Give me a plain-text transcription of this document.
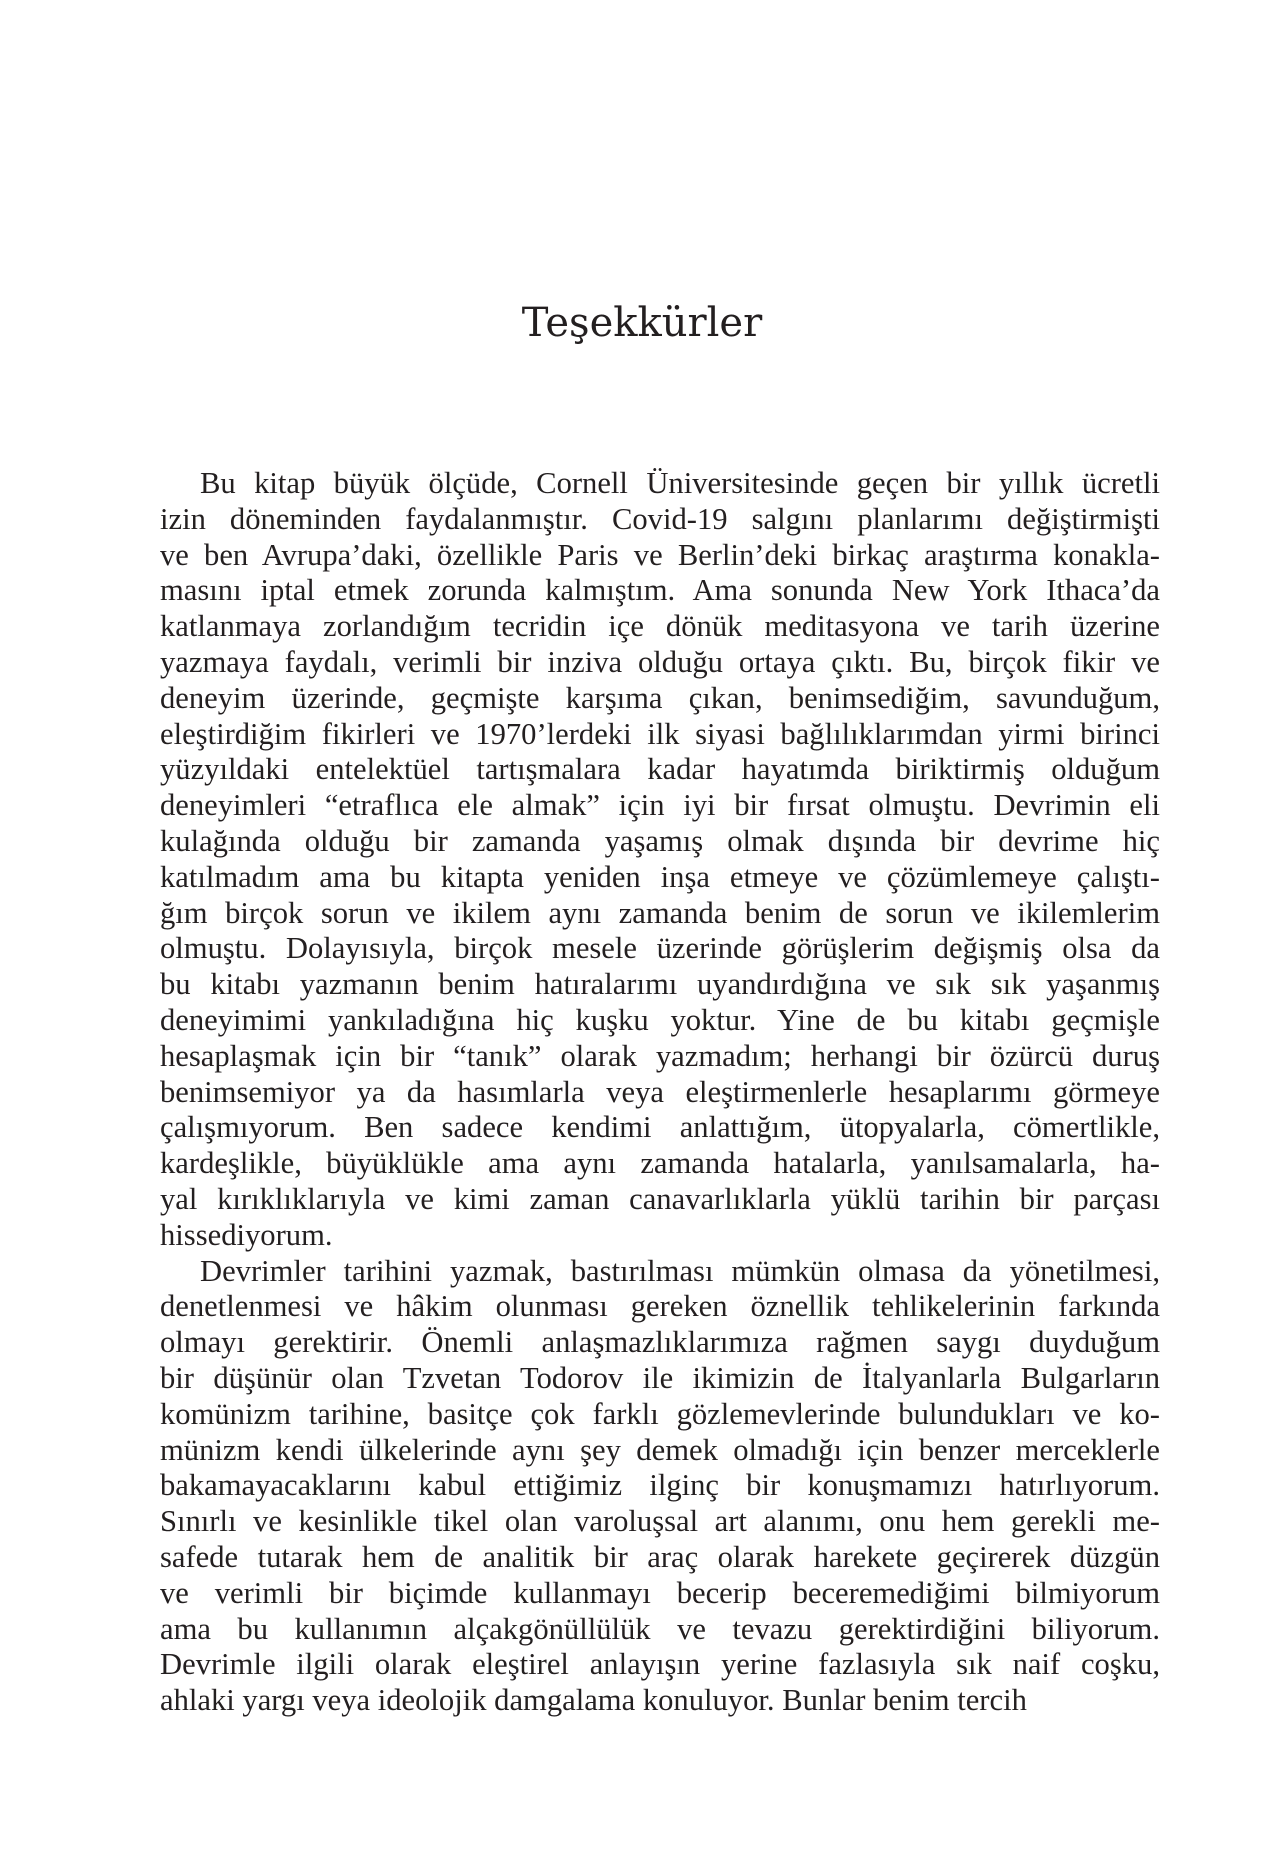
Teşekkürler
Bu kitap büyük ölçüde, Cornell Üniversitesinde geçen bir yıllık ücretli
izin döneminden faydalanmıştır. Covid-19 salgını planlarımı değiştirmişti
ve ben Avrupa’daki, özellikle Paris ve Berlin’deki birkaç araştırma konakla-
masını iptal etmek zorunda kalmıştım. Ama sonunda New York Ithaca’da
katlanmaya zorlandığım tecridin içe dönük meditasyona ve tarih üzerine
yazmaya faydalı, verimli bir inziva olduğu ortaya çıktı. Bu, birçok fikir ve
deneyim üzerinde, geçmişte karşıma çıkan, benimsediğim, savunduğum,
eleştirdiğim fikirleri ve 1970’lerdeki ilk siyasi bağlılıklarımdan yirmi birinci
yüzyıldaki entelektüel tartışmalara kadar hayatımda biriktirmiş olduğum
deneyimleri “etraflıca ele almak” için iyi bir fırsat olmuştu. Devrimin eli
kulağında olduğu bir zamanda yaşamış olmak dışında bir devrime hiç
katılmadım ama bu kitapta yeniden inşa etmeye ve çözümlemeye çalıştı-
ğım birçok sorun ve ikilem aynı zamanda benim de sorun ve ikilemlerim
olmuştu. Dolayısıyla, birçok mesele üzerinde görüşlerim değişmiş olsa da
bu kitabı yazmanın benim hatıralarımı uyandırdığına ve sık sık yaşanmış
deneyimimi yankıladığına hiç kuşku yoktur. Yine de bu kitabı geçmişle
hesaplaşmak için bir “tanık” olarak yazmadım; herhangi bir özürcü duruş
benimsemiyor ya da hasımlarla veya eleştirmenlerle hesaplarımı görmeye
çalışmıyorum. Ben sadece kendimi anlattığım, ütopyalarla, cömertlikle,
kardeşlikle, büyüklükle ama aynı zamanda hatalarla, yanılsamalarla, ha-
yal kırıklıklarıyla ve kimi zaman canavarlıklarla yüklü tarihin bir parçası
hissediyorum.
Devrimler tarihini yazmak, bastırılması mümkün olmasa da yönetilmesi,
denetlenmesi ve hâkim olunması gereken öznellik tehlikelerinin farkında
olmayı gerektirir. Önemli anlaşmazlıklarımıza rağmen saygı duyduğum
bir düşünür olan Tzvetan Todorov ile ikimizin de İtalyanlarla Bulgarların
komünizm tarihine, basitçe çok farklı gözlemevlerinde bulundukları ve ko-
münizm kendi ülkelerinde aynı şey demek olmadığı için benzer merceklerle
bakamayacaklarını kabul ettiğimiz ilginç bir konuşmamızı hatırlıyorum.
Sınırlı ve kesinlikle tikel olan varoluşsal art alanımı, onu hem gerekli me-
safede tutarak hem de analitik bir araç olarak harekete geçirerek düzgün
ve verimli bir biçimde kullanmayı becerip beceremediğimi bilmiyorum
ama bu kullanımın alçakgönüllülük ve tevazu gerektirdiğini biliyorum.
Devrimle ilgili olarak eleştirel anlayışın yerine fazlasıyla sık naif coşku,
ahlaki yargı veya ideolojik damgalama konuluyor. Bunlar benim tercih
